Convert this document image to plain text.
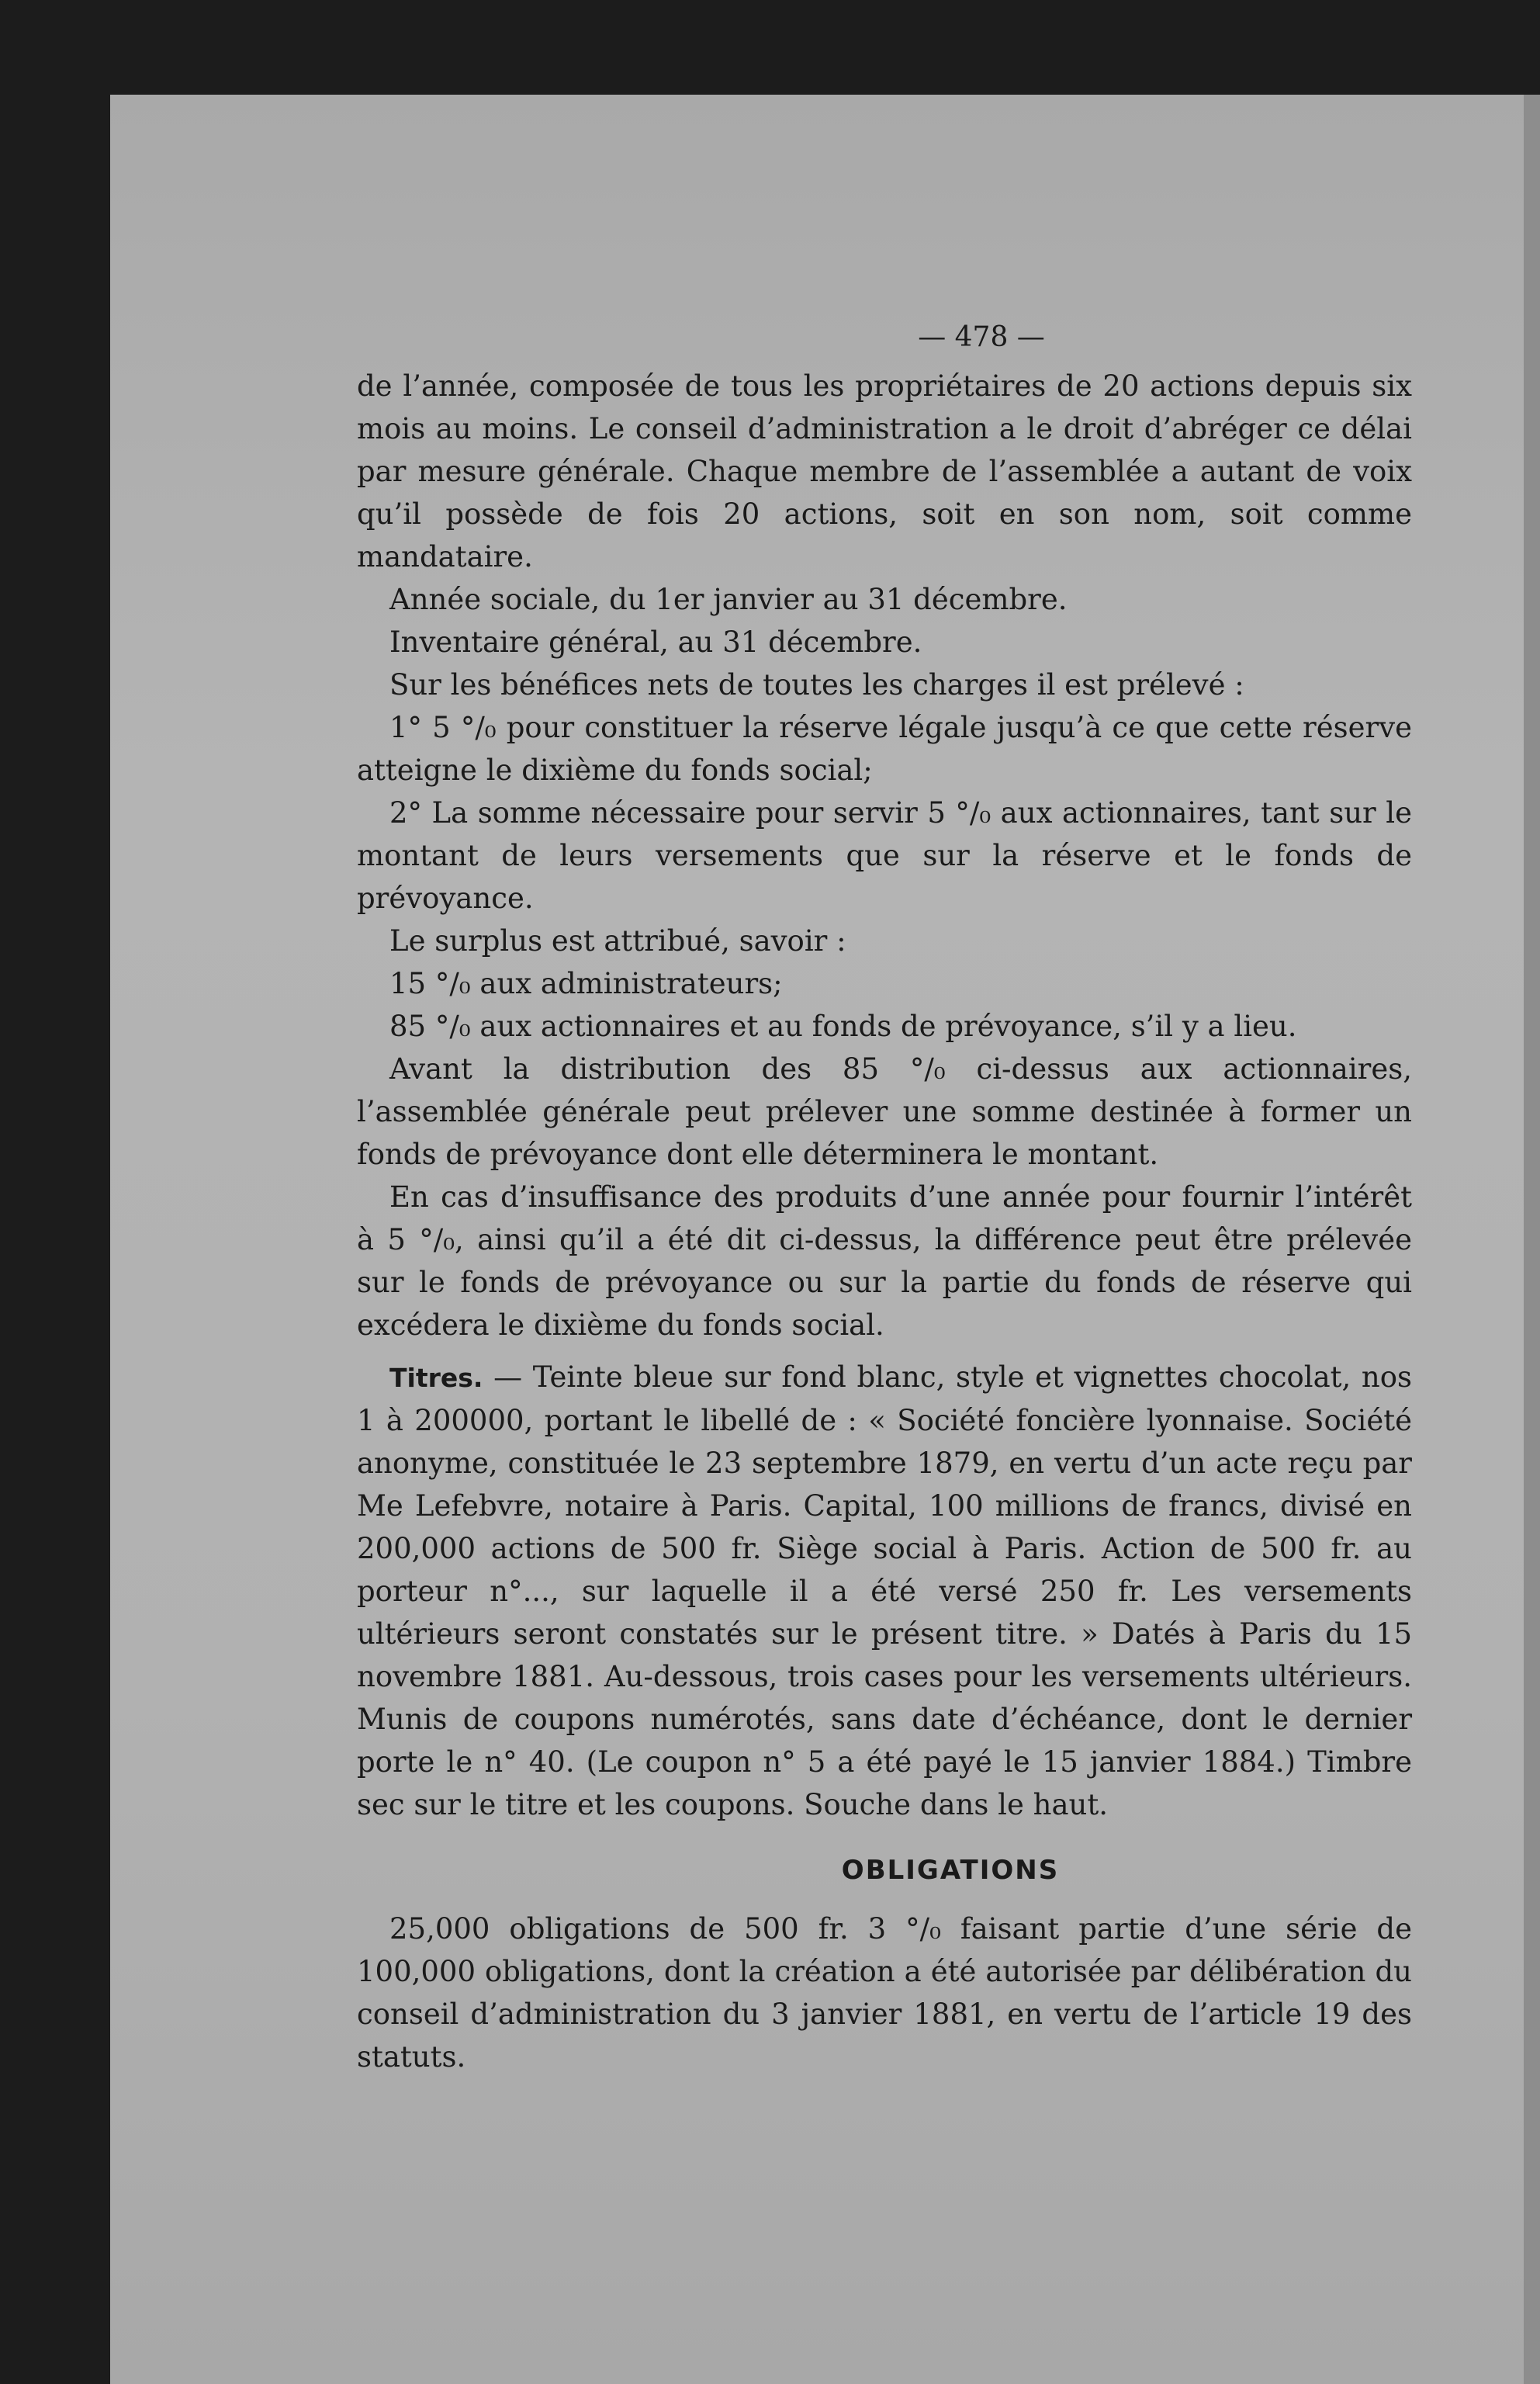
— 478 —

de l’année, composée de tous les propriétaires de 20 actions depuis six mois au moins. Le conseil d’administration a le droit d’abréger ce délai par mesure générale. Chaque membre de l’assemblée a autant de voix qu’il possède de fois 20 actions, soit en son nom, soit comme mandataire.

Année sociale, du 1er janvier au 31 décembre.

Inventaire général, au 31 décembre.

Sur les bénéfices nets de toutes les charges il est prélevé :

1° 5 °/₀ pour constituer la réserve légale jusqu’à ce que cette réserve atteigne le dixième du fonds social;

2° La somme nécessaire pour servir 5 °/₀ aux actionnaires, tant sur le montant de leurs versements que sur la réserve et le fonds de prévoyance.

Le surplus est attribué, savoir :

15 °/₀ aux administrateurs;

85 °/₀ aux actionnaires et au fonds de prévoyance, s’il y a lieu.

Avant la distribution des 85 °/₀ ci-dessus aux actionnaires, l’assemblée générale peut prélever une somme destinée à former un fonds de prévoyance dont elle déterminera le montant.

En cas d’insuffisance des produits d’une année pour fournir l’intérêt à 5 °/₀, ainsi qu’il a été dit ci-dessus, la différence peut être prélevée sur le fonds de prévoyance ou sur la partie du fonds de réserve qui excédera le dixième du fonds social.

Titres. — Teinte bleue sur fond blanc, style et vignettes chocolat, nos 1 à 200000, portant le libellé de : « Société foncière lyonnaise. Société anonyme, constituée le 23 septembre 1879, en vertu d’un acte reçu par Me Lefebvre, notaire à Paris. Capital, 100 millions de francs, divisé en 200,000 actions de 500 fr. Siège social à Paris. Action de 500 fr. au porteur n°..., sur laquelle il a été versé 250 fr. Les versements ultérieurs seront constatés sur le présent titre. » Datés à Paris du 15 novembre 1881. Au-dessous, trois cases pour les versements ultérieurs. Munis de coupons numérotés, sans date d’échéance, dont le dernier porte le n° 40. (Le coupon n° 5 a été payé le 15 janvier 1884.) Timbre sec sur le titre et les coupons. Souche dans le haut.

OBLIGATIONS

25,000 obligations de 500 fr. 3 °/₀ faisant partie d’une série de 100,000 obligations, dont la création a été autorisée par délibération du conseil d’administration du 3 janvier 1881, en vertu de l’article 19 des statuts.
